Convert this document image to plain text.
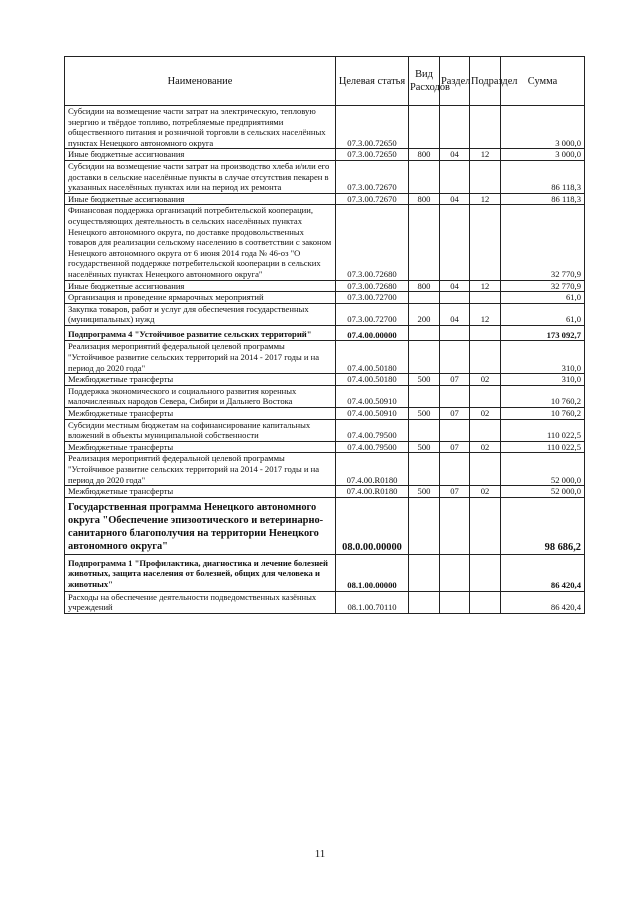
Наименование	Целевая статья	Вид Расходов	Раздел	Подраздел	Сумма
Субсидии на возмещение части затрат на электрическую, тепловую энергию и твёрдое топливо, потребляемые предприятиями общественного питания и розничной торговли в сельских населённых пунктах Ненецкого автономного округа	07.3.00.72650				3 000,0
Иные бюджетные ассигнования	07.3.00.72650	800	04	12	3 000,0
Субсидии на возмещение части затрат на производство хлеба и/или его доставки в сельские населённые пункты в случае отсутствия пекарен в указанных населённых пунктах или на период их ремонта	07.3.00.72670				86 118,3
Иные бюджетные ассигнования	07.3.00.72670	800	04	12	86 118,3
Финансовая поддержка организаций потребительской кооперации, осуществляющих деятельность в сельских населённых пунктах Ненецкого автономного округа, по доставке продовольственных товаров для реализации сельскому населению в соответствии с законом Ненецкого автономного округа от 6 июня 2014 года № 46-оз "О государственной поддержке потребительской кооперации в сельских населённых пунктах Ненецкого автономного округа"	07.3.00.72680				32 770,9
Иные бюджетные ассигнования	07.3.00.72680	800	04	12	32 770,9
Организация и проведение ярмарочных мероприятий	07.3.00.72700				61,0
Закупка товаров, работ и услуг для обеспечения государственных (муниципальных) нужд	07.3.00.72700	200	04	12	61,0
Подпрограмма 4 "Устойчивое развитие сельских территорий"	07.4.00.00000				173 092,7
Реализация мероприятий федеральной целевой программы "Устойчивое развитие сельских территорий на 2014 - 2017 годы и на период до 2020 года"	07.4.00.50180				310,0
Межбюджетные трансферты	07.4.00.50180	500	07	02	310,0
Поддержка экономического и социального развития коренных малочисленных народов Севера, Сибири и Дальнего Востока	07.4.00.50910				10 760,2
Межбюджетные трансферты	07.4.00.50910	500	07	02	10 760,2
Субсидии местным бюджетам на софинансирование капитальных вложений в объекты муниципальной собственности	07.4.00.79500				110 022,5
Межбюджетные трансферты	07.4.00.79500	500	07	02	110 022,5
Реализация мероприятий федеральной целевой программы "Устойчивое развитие сельских территорий на 2014 - 2017 годы и на период до 2020 года"	07.4.00.R0180				52 000,0
Межбюджетные трансферты	07.4.00.R0180	500	07	02	52 000,0
Государственная программа Ненецкого автономного округа "Обеспечение эпизоотического и ветеринарно-санитарного благополучия на территории Ненецкого автономного округа"	08.0.00.00000				98 686,2
Подпрограмма 1 "Профилактика, диагностика и лечение болезней животных, защита населения от болезней, общих для человека и животных"	08.1.00.00000				86 420,4
Расходы на обеспечение деятельности подведомственных казённых учреждений	08.1.00.70110				86 420,4
11
